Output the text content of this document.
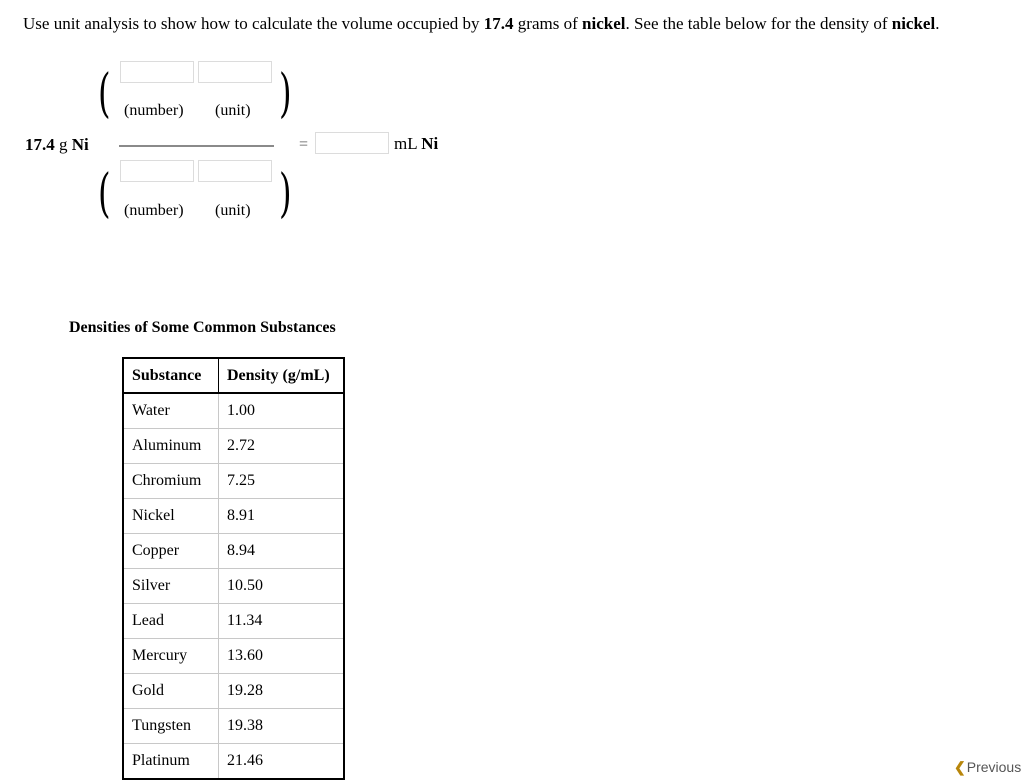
Use unit analysis to show how to calculate the volume occupied by 17.4 grams of nickel. See the table below for the density of nickel.
17.4 g Ni
( (number) (unit) )
( (number) (unit) )
=	mL Ni
Densities of Some Common Substances
Substance	Density (g/mL)
Water	1.00
Aluminum	2.72
Chromium	7.25
Nickel	8.91
Copper	8.94
Silver	10.50
Lead	11.34
Mercury	13.60
Gold	19.28
Tungsten	19.38
Platinum	21.46	❮Previous
